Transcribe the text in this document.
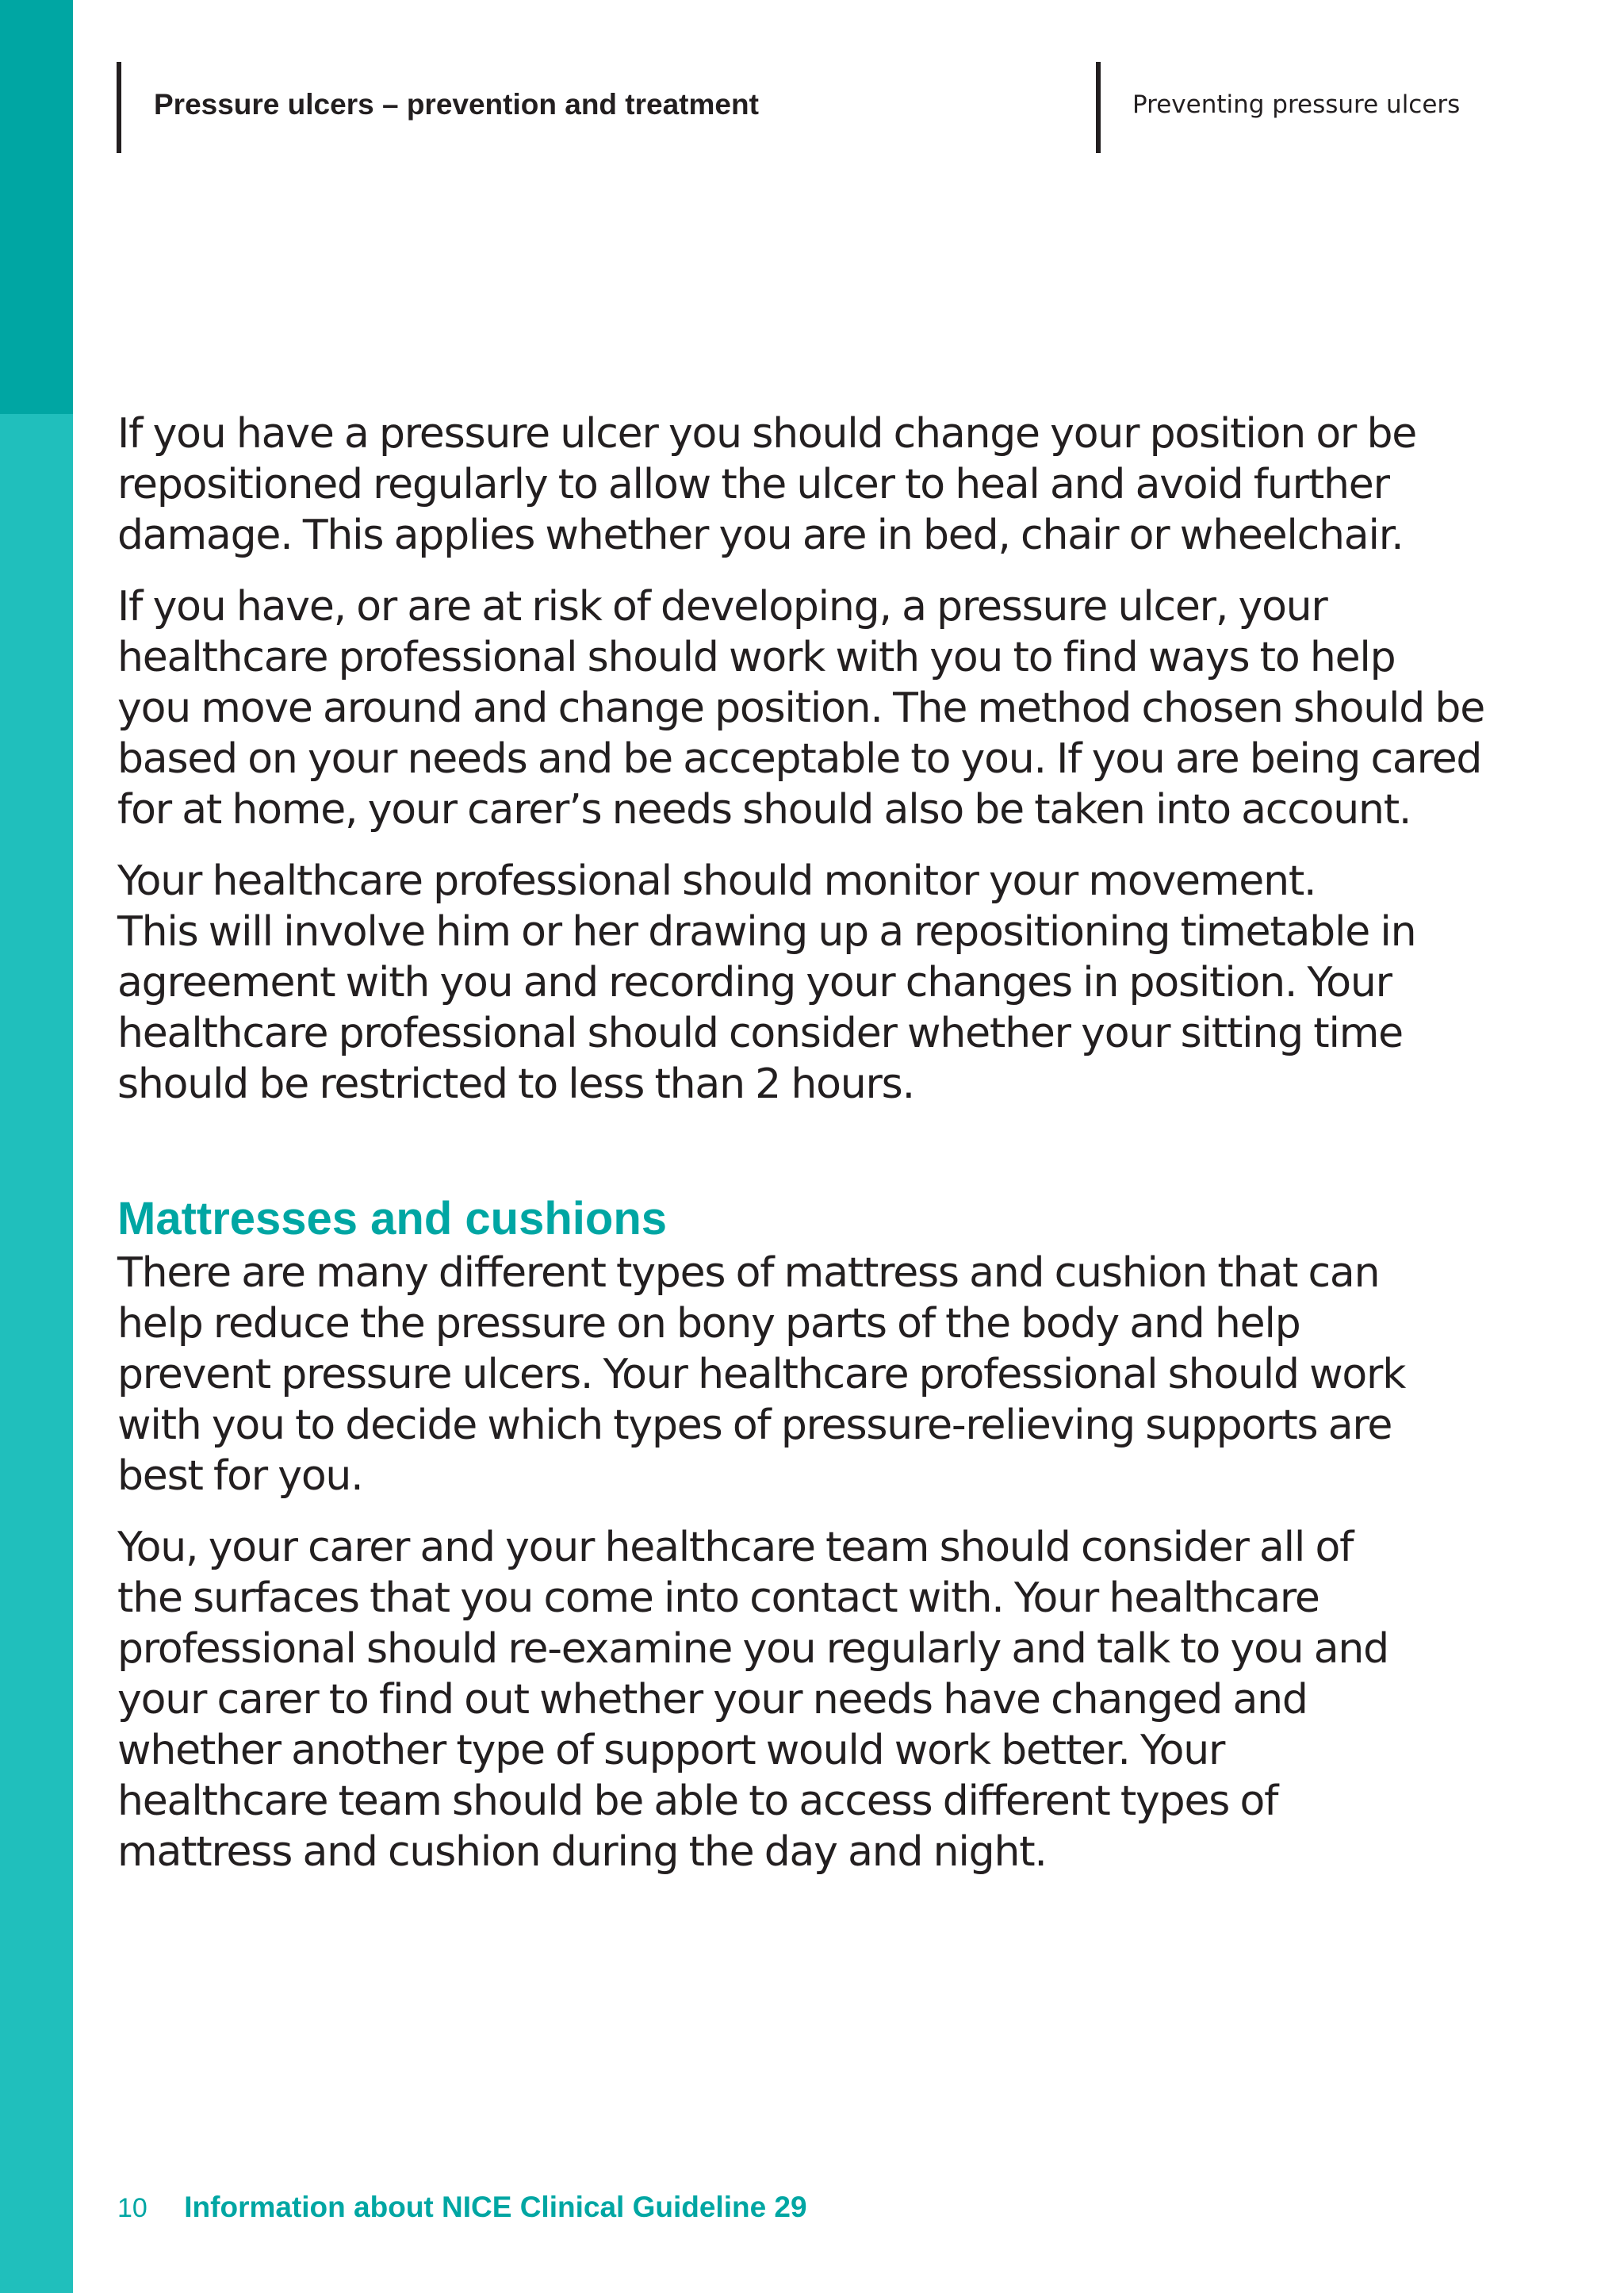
Pressure ulcers – prevention and treatment	Preventing pressure ulcers

If you have a pressure ulcer you should change your position or be
repositioned regularly to allow the ulcer to heal and avoid further
damage. This applies whether you are in bed, chair or wheelchair.

If you have, or are at risk of developing, a pressure ulcer, your
healthcare professional should work with you to find ways to help
you move around and change position. The method chosen should be
based on your needs and be acceptable to you. If you are being cared
for at home, your carer’s needs should also be taken into account.

Your healthcare professional should monitor your movement.
This will involve him or her drawing up a repositioning timetable in
agreement with you and recording your changes in position. Your
healthcare professional should consider whether your sitting time
should be restricted to less than 2 hours.

Mattresses and cushions

There are many different types of mattress and cushion that can
help reduce the pressure on bony parts of the body and help
prevent pressure ulcers. Your healthcare professional should work
with you to decide which types of pressure-relieving supports are
best for you.

You, your carer and your healthcare team should consider all of
the surfaces that you come into contact with. Your healthcare
professional should re-examine you regularly and talk to you and
your carer to find out whether your needs have changed and
whether another type of support would work better. Your
healthcare team should be able to access different types of
mattress and cushion during the day and night.

10 Information about NICE Clinical Guideline 29
